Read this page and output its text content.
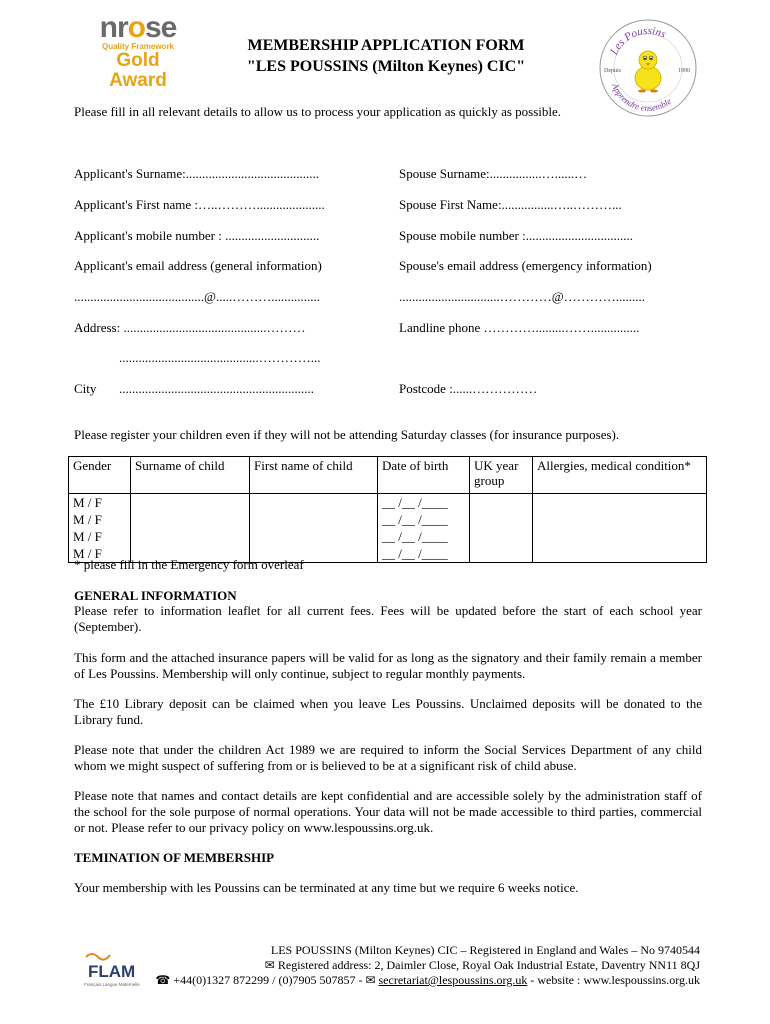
nrose
Quality Framework
Gold Award
MEMBERSHIP APPLICATION FORM
"LES POUSSINS (Milton Keynes) CIC"
Les Poussins
Apprendre ensemble
Depuis	1990
Please fill in all relevant details to allow us to process your application as quickly as possible.
Applicant's Surname:.........................................	Spouse Surname:................…......…
Applicant's First name :…..……….....................	Spouse First Name:................…..………...
Applicant's mobile number : .............................	Spouse mobile number :.................................
Applicant's email address (general information)	Spouse's email address (emergency information)
........................................@.....………...............	...............................…………@………….........
Address: ............................................………	Landline phone ………….........……...............
...........................................…………...
City ............................................................	Postcode :......……………
Please register your children even if they will not be attending Saturday classes (for insurance purposes).
Gender	Surname of child	First name of child	Date of birth	UK year group	Allergies, medical condition*
M / F			__ /__ /____		
M / F			__ /__ /____		
M / F			__ /__ /____		
M / F			__ /__ /____		
* please fill in the Emergency form overleaf
GENERAL INFORMATION
Please refer to information leaflet for all current fees. Fees will be updated before the start of each school year (September).
This form and the attached insurance papers will be valid for as long as the signatory and their family remain a member of Les Poussins. Membership will only continue, subject to regular monthly payments.
The £10 Library deposit can be claimed when you leave Les Poussins. Unclaimed deposits will be donated to the Library fund.
Please note that under the children Act 1989 we are required to inform the Social Services Department of any child whom we might suspect of suffering from or is believed to be at a significant risk of child abuse.
Please note that names and contact details are kept confidential and are accessible solely by the administration staff of the school for the sole purpose of normal operations. Your data will not be made accessible to third parties, commercial or not. Please refer to our privacy policy on www.lespoussins.org.uk.
TEMINATION OF MEMBERSHIP
Your membership with les Poussins can be terminated at any time but we require 6 weeks notice.
FLAM
Français Langue Maternelle
LES POUSSINS (Milton Keynes) CIC – Registered in England and Wales – No 9740544
✉ Registered address: 2, Daimler Close, Royal Oak Industrial Estate, Daventry NN11 8QJ
☎ +44(0)1327 872299 / (0)7905 507857 - ✉ secretariat@lespoussins.org.uk - website : www.lespoussins.org.uk
